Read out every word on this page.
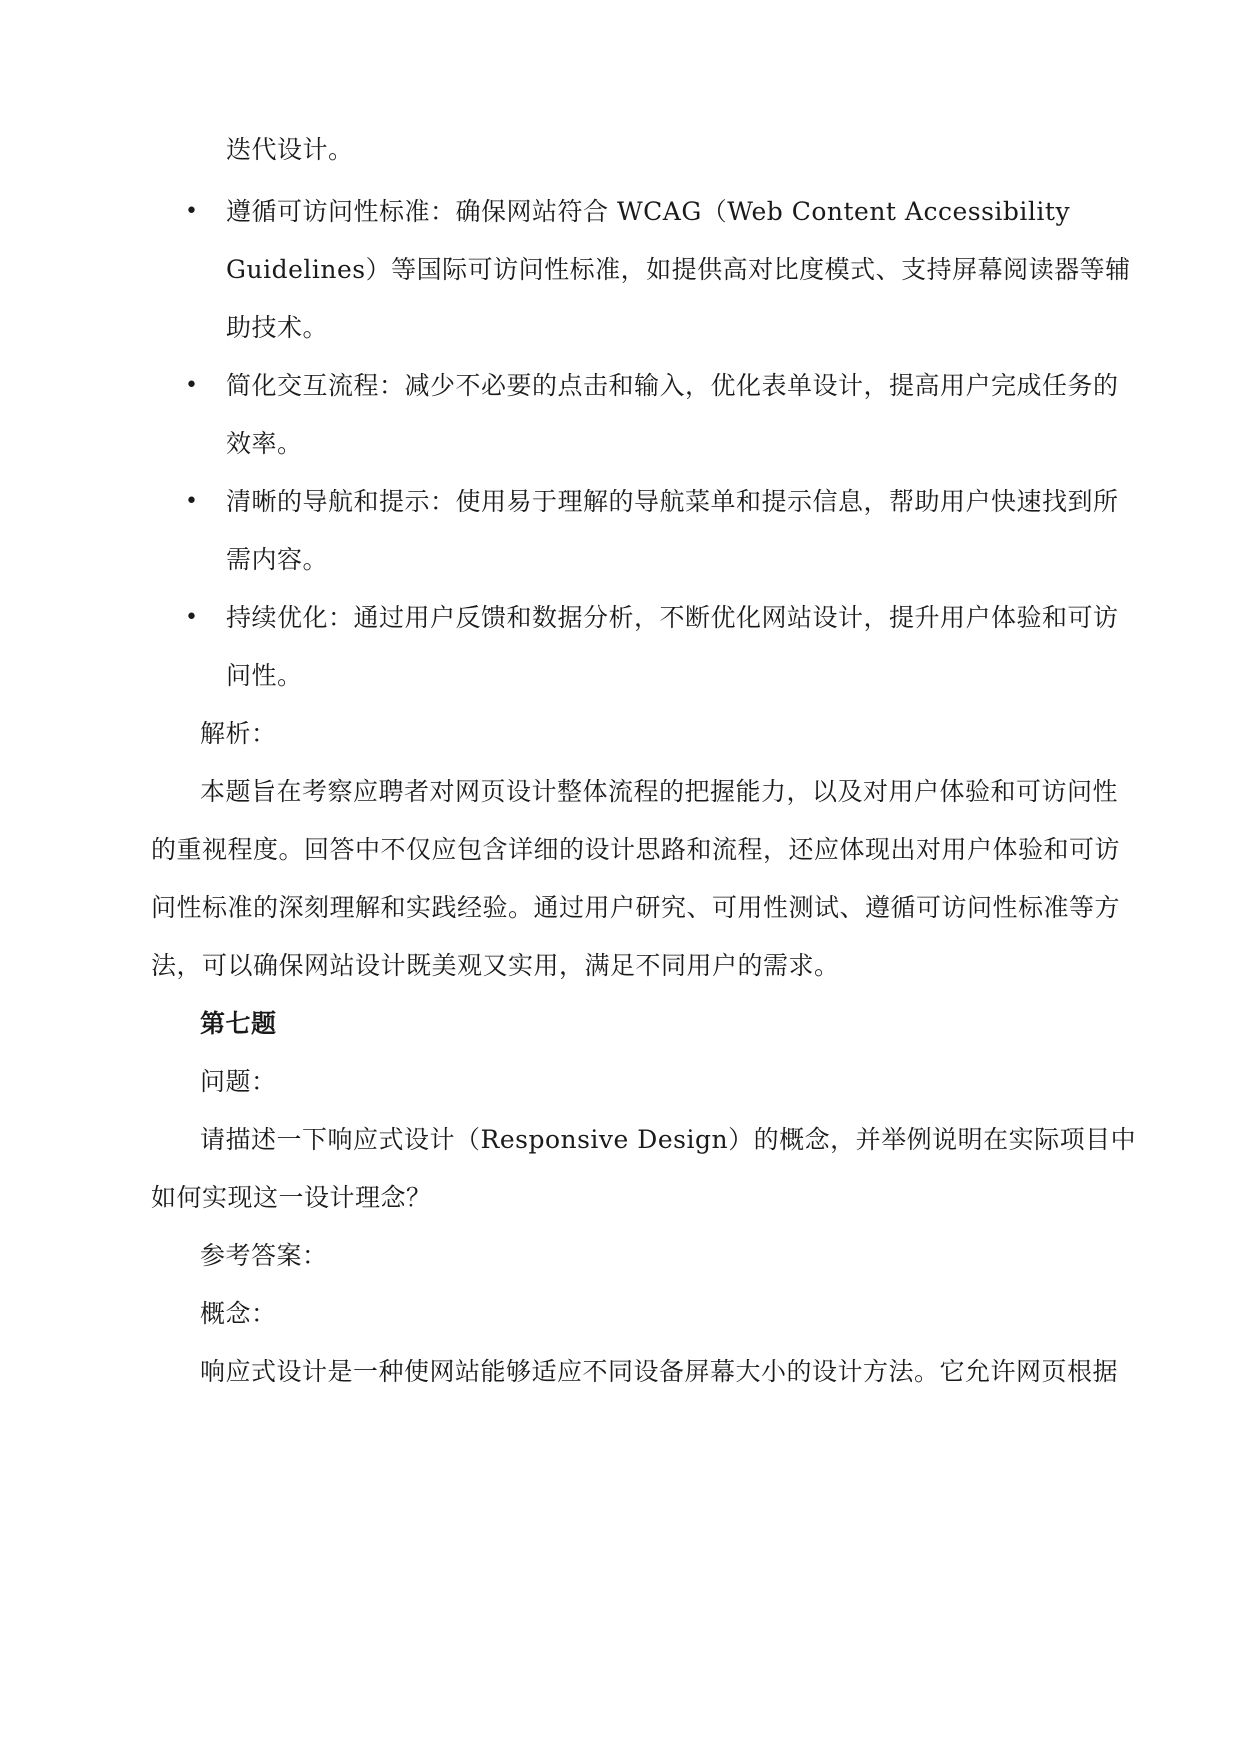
迭代设计。
• 遵循可访问性标准：确保网站符合 WCAG（Web Content Accessibility
Guidelines）等国际可访问性标准，如提供高对比度模式、支持屏幕阅读器等辅
助技术。
• 简化交互流程：减少不必要的点击和输入，优化表单设计，提高用户完成任务的
效率。
• 清晰的导航和提示：使用易于理解的导航菜单和提示信息，帮助用户快速找到所
需内容。
• 持续优化：通过用户反馈和数据分析，不断优化网站设计，提升用户体验和可访
问性。
解析：
本题旨在考察应聘者对网页设计整体流程的把握能力，以及对用户体验和可访问性
的重视程度。回答中不仅应包含详细的设计思路和流程，还应体现出对用户体验和可访
问性标准的深刻理解和实践经验。通过用户研究、可用性测试、遵循可访问性标准等方
法，可以确保网站设计既美观又实用，满足不同用户的需求。
第七题
问题：
请描述一下响应式设计（Responsive Design）的概念，并举例说明在实际项目中
如何实现这一设计理念？
参考答案：
概念：
响应式设计是一种使网站能够适应不同设备屏幕大小的设计方法。它允许网页根据
